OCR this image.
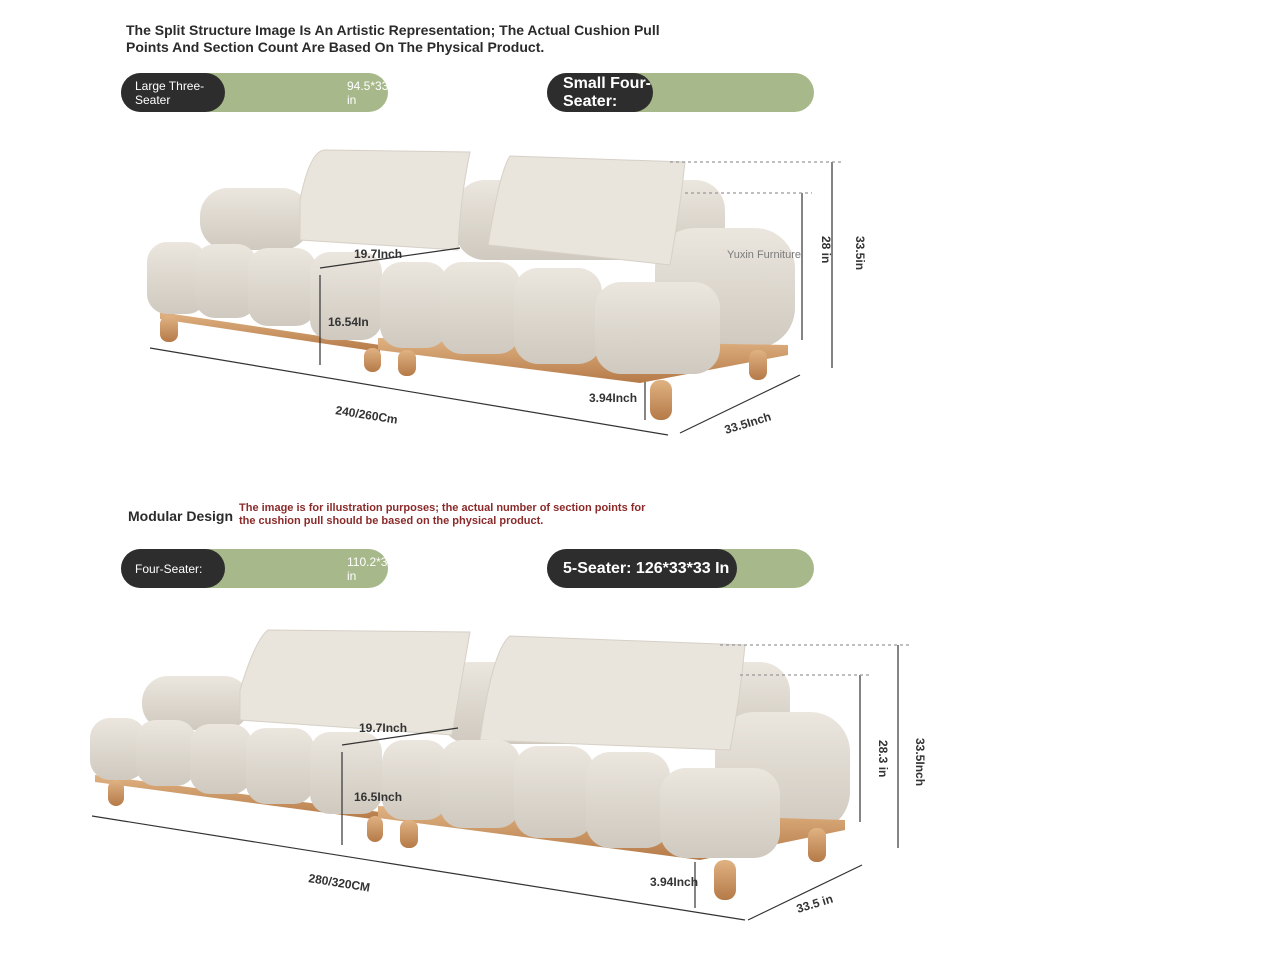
The Split Structure Image Is An Artistic Representation; The Actual Cushion Pull Points And Section Count Are Based On The Physical Product.
94.5*33.5*33.5 in
Large Three-Seater
98.3*33.5*33.5 in
Small Four-Seater:
Modular Design The image is for illustration purposes; the actual number of section points for the cushion pull should be based on the physical product.
110.2*33.5*33.5 in
Four-Seater:	5-Seater: 126*33*33 In
19.7Inch
16.54In
240/260Cm
3.94Inch
33.5Inch
28 in 33.5in
Yuxin Furniture
19.7Inch
16.5Inch
280/320CM	3.94Inch
33.5 in
28.3 in 33.5Inch
